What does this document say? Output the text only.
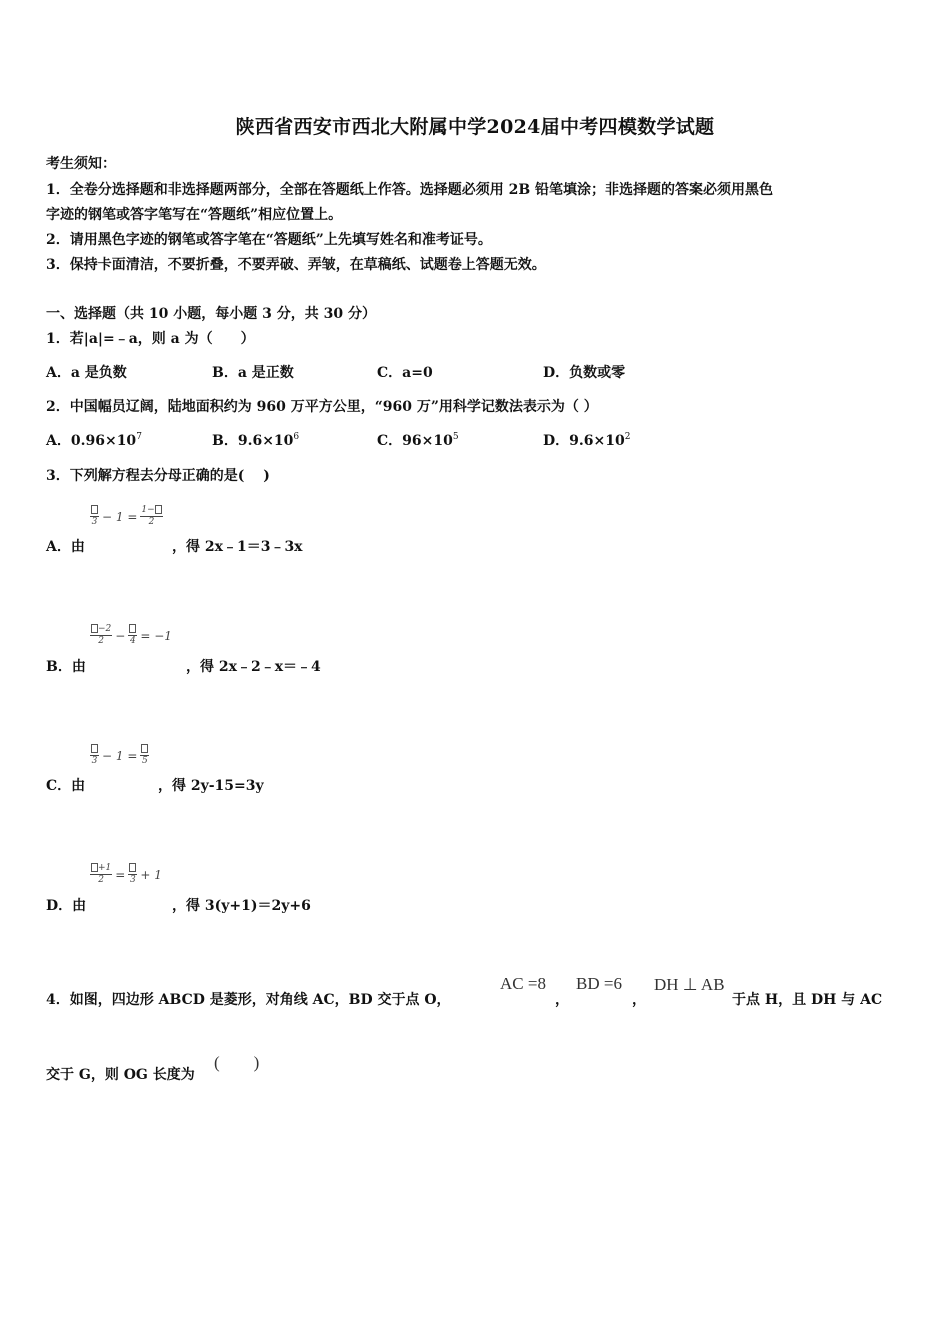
陕西省西安市西北大附属中学2024届中考四模数学试题
考生须知：
1．全卷分选择题和非选择题两部分，全部在答题纸上作答。选择题必须用 2B 铅笔填涂；非选择题的答案必须用黑色
字迹的钢笔或答字笔写在“答题纸”相应位置上。
2．请用黑色字迹的钢笔或答字笔在“答题纸”上先填写姓名和准考证号。
3．保持卡面清洁，不要折叠，不要弄破、弄皱，在草稿纸、试题卷上答题无效。
一、选择题（共 10 小题，每小题 3 分，共 30 分）
1．若|a|=﹣a，则 a 为（　　）
A．a 是负数	B．a 是正数	C．a=0	D．负数或零
2．中国幅员辽阔，陆地面积约为 960 万平方公里，“960 万”用科学记数法表示为（ ）
A．$0.96\times 10^7$	B．$9.6\times 10^6$	C．$96\times 10^5$	D．$9.6\times 10^2$
3．下列解方程去分母正确的是(　 )
$3 - 1 = \frac{1-}{2}$
A．由	，得 2x﹣1＝3﹣3x
$\frac{-2}{2} - 4 = -1$
B．由	，得 2x﹣2﹣x＝﹣4
3 − 1 = 5
C．由	，得 2y-15=3y
$\frac{+1}{2} = 3 + 1$
D．由	，得 3(y+1)＝2y+6
4．如图，四边形 ABCD 是菱形，对角线 AC，BD 交于点 O，
AC =8
，
BD =6
，
DH ⊥ AB
于点 H，且 DH 与 AC
交于 G，则 OG 长度为
(　　)
